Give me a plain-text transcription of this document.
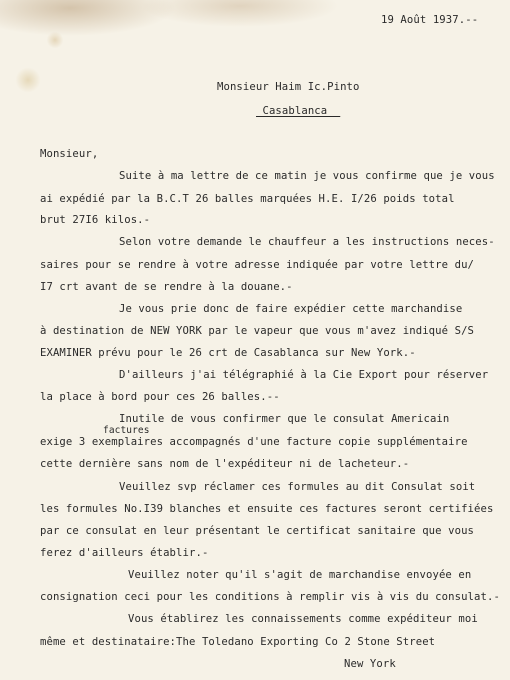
19 Août 1937.--
Monsieur Haim Ic.Pinto
_Casablanca__
Monsieur,
Suite à ma lettre de ce matin je vous confirme que je vous
ai expédié par la B.C.T 26 balles marquées H.E. I/26 poids total
brut 27I6 kilos.-
Selon votre demande le chauffeur a les instructions neces-
saires pour se rendre à votre adresse indiquée par votre lettre du/
I7 crt avant de se rendre à la douane.-
Je vous prie donc de faire expédier cette marchandise
à destination de NEW YORK par le vapeur que vous m'avez indiqué S/S
EXAMINER prévu pour le 26 crt de Casablanca sur New York.-
D'ailleurs j'ai télégraphié à la Cie Export pour réserver
la place à bord pour ces 26 balles.--
Inutile de vous confirmer que le consulat Americain
factures
exige 3 exemplaires accompagnés d'une facture copie supplémentaire
cette dernière sans nom de l'expéditeur ni de lacheteur.-
Veuillez svp réclamer ces formules au dit Consulat soit
les formules No.I39 blanches et ensuite ces factures seront certifiées
par ce consulat en leur présentant le certificat sanitaire que vous
ferez d'ailleurs établir.-
Veuillez noter qu'il s'agit de marchandise envoyée en
consignation ceci pour les conditions à remplir vis à vis du consulat.-
Vous établirez les connaissements comme expéditeur moi
même et destinataire:The Toledano Exporting Co 2 Stone Street
New York
